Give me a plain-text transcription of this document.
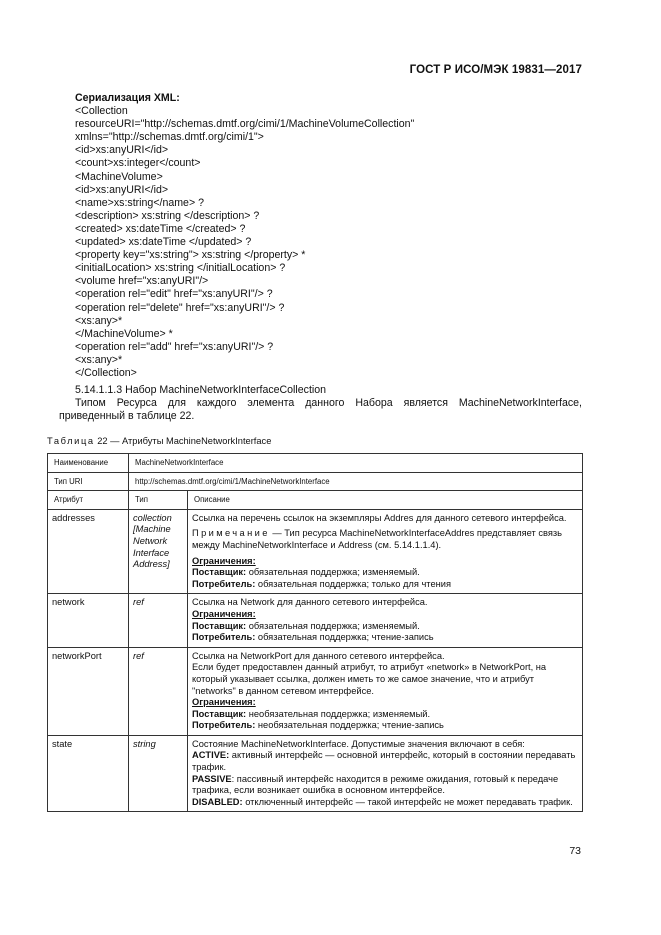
ГОСТ Р ИСО/МЭК 19831—2017
Сериализация XML:
<Collection
resourceURI="http://schemas.dmtf.org/cimi/1/MachineVolumeCollection"
xmlns="http://schemas.dmtf.org/cimi/1">
<id>xs:anyURI</id>
<count>xs:integer</count>
<MachineVolume>
<id>xs:anyURI</id>
<name>xs:string</name> ?
<description> xs:string </description> ?
<created> xs:dateTime </created> ?
<updated> xs:dateTime </updated> ?
<property key="xs:string"> xs:string </property> *
<initialLocation> xs:string </initialLocation> ?
<volume href="xs:anyURI"/>
<operation rel="edit" href="xs:anyURI"/> ?
<operation rel="delete" href="xs:anyURI"/> ?
<xs:any>*
</MachineVolume> *
<operation rel="add" href="xs:anyURI"/> ?
<xs:any>*
</Collection>
5.14.1.1.3 Набор MachineNetworkInterfaceCollection
Типом Ресурса для каждого элемента данного Набора является MachineNetworkInterface, приведенный в таблице 22.
Таблица 22 — Атрибуты MachineNetworkInterface
Наименование	MachineNetworkInterface	
Тип URI	http://schemas.dmtf.org/cimi/1/MachineNetworkInterface	
Атрибут	Тип	Описание
addresses	collection [Machine Network Interface Address]	Ссылка на перечень ссылок на экземпляры Addres для данного сетевого интерфейса.
Примечание — Тип ресурса MachineNetworkInterfaceAddres представляет связь между MachineNetworkInterface и Address (см. 5.14.1.1.4).
Ограничения:
Поставщик: обязательная поддержка; изменяемый.
Потребитель: обязательная поддержка; только для чтения

network	ref	Ссылка на Network для данного сетевого интерфейса.
Ограничения:
Поставщик: обязательная поддержка; изменяемый.
Потребитель: обязательная поддержка; чтение-запись

networkPort	ref	Ссылка на NetworkPort для данного сетевого интерфейса.
Если будет предоставлен данный атрибут, то атрибут «network» в NetworkPort, на который указывает ссылка, должен иметь то же самое значение, что и атрибут "networks" в данном сетевом интерфейсе.
Ограничения:
Поставщик: необязательная поддержка; изменяемый.
Потребитель: необязательная поддержка; чтение-запись

state	string	Состояние MachineNetworkInterface. Допустимые значения включают в себя:
ACTIVE: активный интерфейс — основной интерфейс, который в состоянии передавать трафик.
PASSIVE: пассивный интерфейс находится в режиме ожидания, готовый к передаче трафика, если возникает ошибка в основном интерфейсе.
DISABLED: отключенный интерфейс — такой интерфейс не может передавать трафик.
73
